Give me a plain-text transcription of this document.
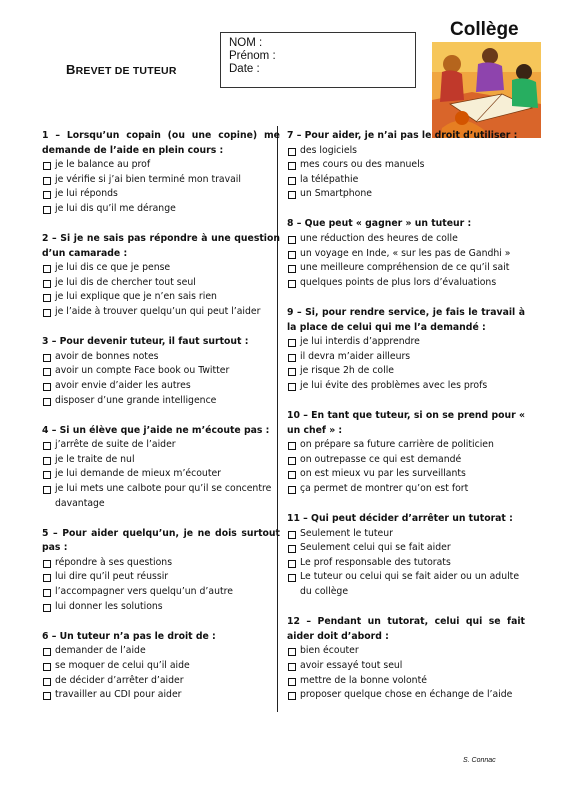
BREVET DE TUTEUR
NOM :
Prénom :
Date :
Collège
1 – Lorsqu’un copain (ou une copine) me demande de l’aide en plein cours :
je le balance au prof
je vérifie si j’ai bien terminé mon travail
je lui réponds
je lui dis qu’il me dérange
2 – Si je ne sais pas répondre à une question d’un camarade :
je lui dis ce que je pense
je lui dis de chercher tout seul
je lui explique que je n’en sais rien
je l’aide à trouver quelqu’un qui peut l’aider
3 – Pour devenir tuteur, il faut surtout :
avoir de bonnes notes
avoir un compte Face book ou Twitter
avoir envie d’aider les autres
disposer d’une grande intelligence
4 – Si un élève que j’aide ne m’écoute pas :
j’arrête de suite de l’aider
je le traite de nul
je lui demande de mieux m’écouter
je lui mets une calbote pour qu’il se concentre davantage
5 – Pour aider quelqu’un, je ne dois surtout pas :
répondre à ses questions
lui dire qu’il peut réussir
l’accompagner vers quelqu’un d’autre
lui donner les solutions
6 – Un tuteur n’a pas le droit de :
demander de l’aide
se moquer de celui qu’il aide
de décider d’arrêter d’aider
travailler au CDI pour aider
7 – Pour aider, je n’ai pas le droit d’utiliser :
des logiciels
mes cours ou des manuels
la télépathie
un Smartphone
8 – Que peut « gagner » un tuteur :
une réduction des heures de colle
un voyage en Inde, « sur les pas de Gandhi »
une meilleure compréhension de ce qu’il sait
quelques points de plus lors d’évaluations
9 – Si, pour rendre service, je fais le travail à la place de celui qui me l’a demandé :
je lui interdis d’apprendre
il devra m’aider ailleurs
je risque 2h de colle
je lui évite des problèmes avec les profs
10 – En tant que tuteur, si on se prend pour « un chef » :
on prépare sa future carrière de politicien
on outrepasse ce qui est demandé
on est mieux vu par les surveillants
ça permet de montrer qu’on est fort
11 – Qui peut décider d’arrêter un tutorat :
Seulement le tuteur
Seulement celui qui se fait aider
Le prof responsable des tutorats
Le tuteur ou celui qui se fait aider ou un adulte du collège
12 – Pendant un tutorat, celui qui se fait aider doit d’abord :
bien écouter
avoir essayé tout seul
mettre de la bonne volonté
proposer quelque chose en échange de l’aide
S. Connac
